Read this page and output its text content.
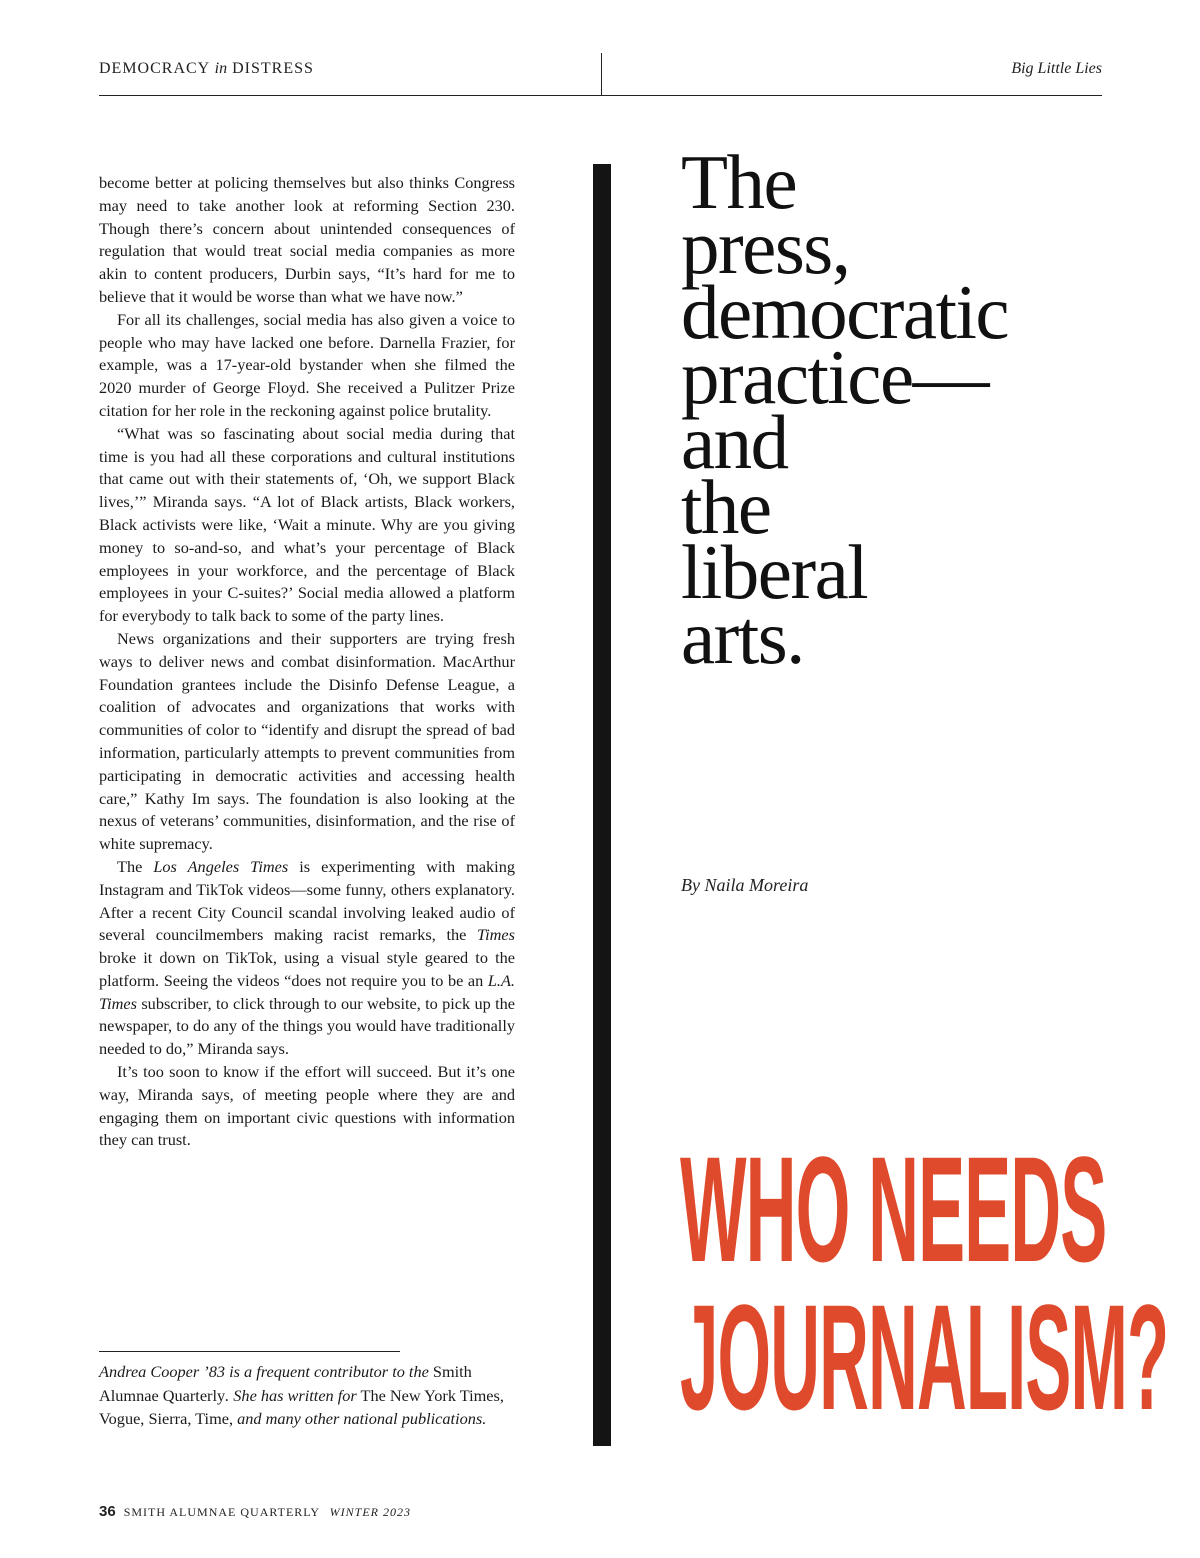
DEMOCRACY in DISTRESS	Big Little Lies

become better at policing themselves but also thinks Congress may need to take another look at reforming Section 230. Though there’s concern about unintended consequences of regulation that would treat social media companies as more akin to content producers, Durbin says, “It’s hard for me to believe that it would be worse than what we have now.”

For all its challenges, social media has also given a voice to people who may have lacked one before. Darnella Frazier, for example, was a 17-year-old bystander when she filmed the 2020 murder of George Floyd. She received a Pulitzer Prize citation for her role in the reckoning against police brutality.

“What was so fascinating about social media during that time is you had all these corporations and cultural institutions that came out with their statements of, ‘Oh, we support Black lives,’” Miranda says. “A lot of Black artists, Black workers, Black activists were like, ‘Wait a minute. Why are you giving money to so-and-so, and what’s your percentage of Black employees in your workforce, and the percentage of Black employees in your C-suites?’ Social media allowed a platform for everybody to talk back to some of the party lines.

News organizations and their supporters are trying fresh ways to deliver news and combat disinformation. MacArthur Foundation grantees include the Disinfo Defense League, a coalition of advocates and organizations that works with communities of color to “identify and disrupt the spread of bad information, particularly attempts to prevent communities from participating in democratic activities and accessing health care,” Kathy Im says. The foundation is also looking at the nexus of veterans’ communities, disinformation, and the rise of white supremacy.

The Los Angeles Times is experimenting with making Instagram and TikTok videos—some funny, others explanatory. After a recent City Council scandal involving leaked audio of several councilmembers making racist remarks, the Times broke it down on TikTok, using a visual style geared to the platform. Seeing the videos “does not require you to be an L.A. Times subscriber, to click through to our website, to pick up the newspaper, to do any of the things you would have traditionally needed to do,” Miranda says.

It’s too soon to know if the effort will succeed. But it’s one way, Miranda says, of meeting people where they are and engaging them on important civic questions with information they can trust.

Andrea Cooper ’83 is a frequent contributor to the Smith Alumnae Quarterly. She has written for The New York Times, Vogue, Sierra, Time, and many other national publications.
The
press,
democratic
practice—
and
the
liberal
arts.
By Naila Moreira
WHO NEEDS
JOURNALISM?
36 SMITH ALUMNAE QUARTERLY WINTER 2023
